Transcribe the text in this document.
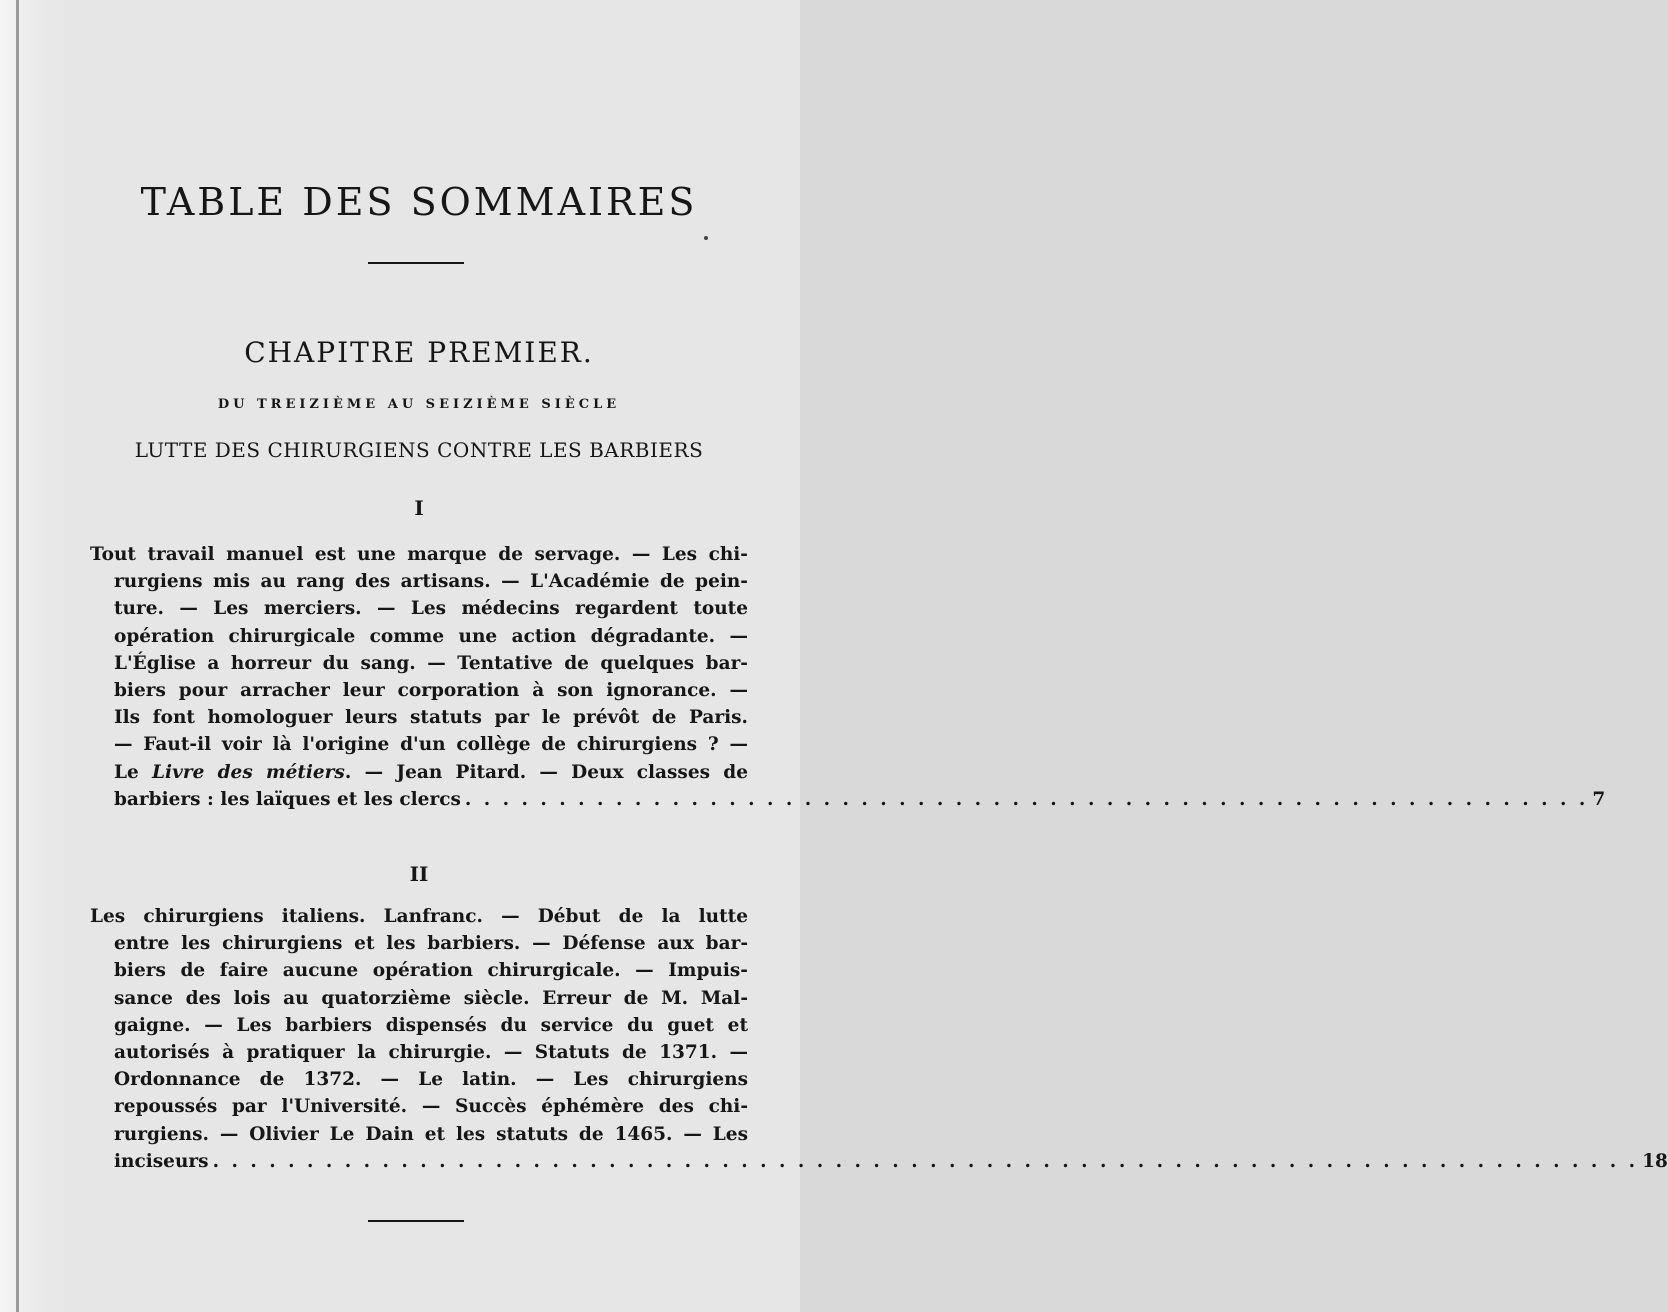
TABLE DES SOMMAIRES
CHAPITRE PREMIER.
DU TREIZIÈME AU SEIZIÈME SIÈCLE
LUTTE DES CHIRURGIENS CONTRE LES BARBIERS
I
Tout travail manuel est une marque de servage. — Les chi-
rurgiens mis au rang des artisans. — L'Académie de pein-
ture. — Les merciers. — Les médecins regardent toute
opération chirurgicale comme une action dégradante. —
L'Église a horreur du sang. — Tentative de quelques bar-
biers pour arracher leur corporation à son ignorance. —
Ils font homologuer leurs statuts par le prévôt de Paris.
— Faut-il voir là l'origine d'un collège de chirurgiens ? —
Le Livre des métiers. — Jean Pitard. — Deux classes de
barbiers : les laïques et les clercs . . . . . . . . . . . . . . . . . . . . . . . . . . . . . . . . . . . . . . . . . . . . . . . . . . . . . . . . . . . . 7
II
Les chirurgiens italiens. Lanfranc. — Début de la lutte
entre les chirurgiens et les barbiers. — Défense aux bar-
biers de faire aucune opération chirurgicale. — Impuis-
sance des lois au quatorzième siècle. Erreur de M. Mal-
gaigne. — Les barbiers dispensés du service du guet et
autorisés à pratiquer la chirurgie. — Statuts de 1371. —
Ordonnance de 1372. — Le latin. — Les chirurgiens
repoussés par l'Université. — Succès éphémère des chi-
rurgiens. — Olivier Le Dain et les statuts de 1465. — Les
inciseurs . . . . . . . . . . . . . . . . . . . . . . . . . . . . . . . . . . . . . . . . . . . . . . . . . . . . . . . . . . . . . . . . . . . . . . . . . . . . 18
